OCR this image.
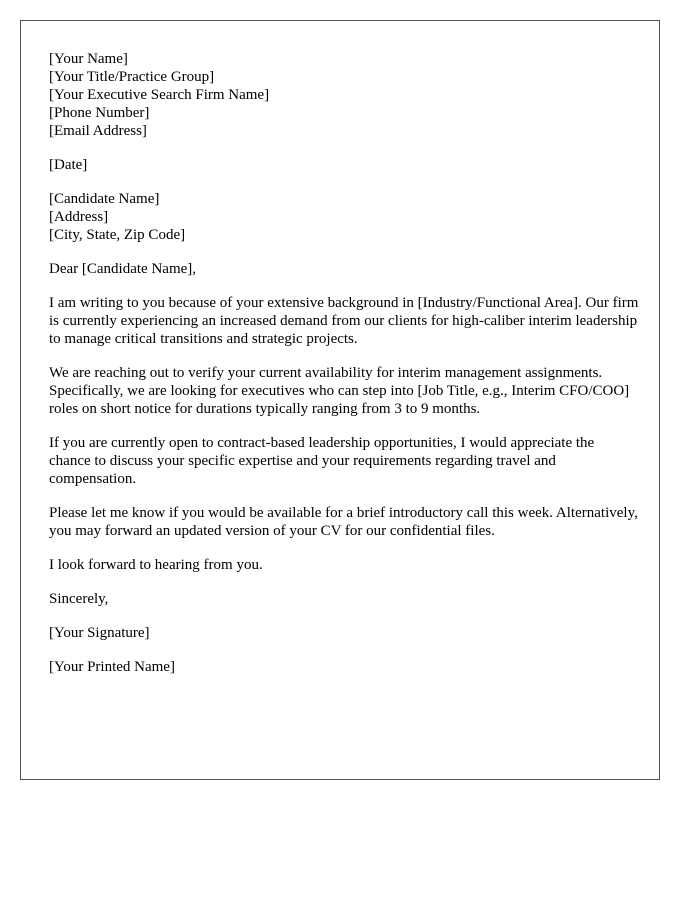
[Your Name]

[Your Title/Practice Group]

[Your Executive Search Firm Name]

[Phone Number]

[Email Address]

[Date]

[Candidate Name]

[Address]

[City, State, Zip Code]

Dear [Candidate Name],

I am writing to you because of your extensive background in [Industry/Functional Area]. Our firm is currently experiencing an increased demand from our clients for high-caliber interim leadership to manage critical transitions and strategic projects.

We are reaching out to verify your current availability for interim management assignments. Specifically, we are looking for executives who can step into [Job Title, e.g., Interim CFO/COO] roles on short notice for durations typically ranging from 3 to 9 months.

If you are currently open to contract-based leadership opportunities, I would appreciate the chance to discuss your specific expertise and your requirements regarding travel and compensation.

Please let me know if you would be available for a brief introductory call this week. Alternatively, you may forward an updated version of your CV for our confidential files.

I look forward to hearing from you.

Sincerely,

[Your Signature]

[Your Printed Name]
